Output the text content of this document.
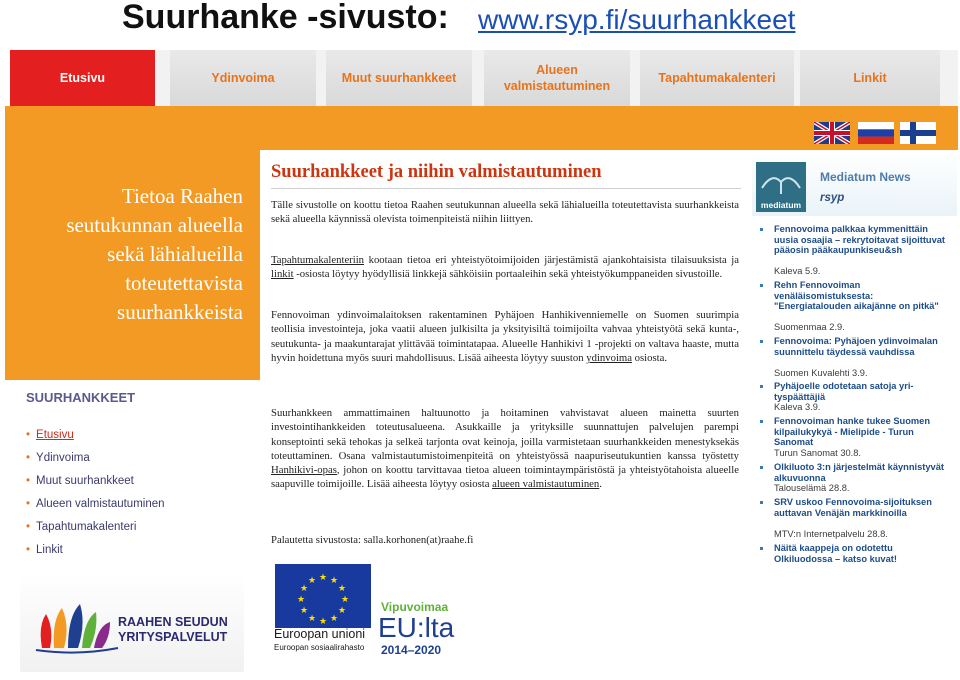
Suurhanke -sivusto: www.rsyp.fi/suurhankkeet
Etusivu	Ydinvoima	Muut suurhankkeet
Alueen valmistautuminen
Tapahtumakalenteri	Linkit
Tietoa Raahen seutukunnan alueella sekä lähialueilla toteutettavista suurhankkeista
SUURHANKKEET
• Etusivu
• Ydinvoima
• Muut suurhankkeet
• Alueen valmistautuminen
• Tapahtumakalenteri
• Linkit
Suurhankkeet ja niihin valmistautuminen
Tälle sivustolle on koottu tietoa Raahen seutukunnan alueella sekä lähialueilla toteutettavista suurhankkeista sekä alueella käynnissä olevista toimenpiteistä niihin liittyen.
Tapahtumakalenteriin kootaan tietoa eri yhteistyötoimijoiden järjestämistä ajankohtaisista tilaisuuksista ja linkit -osiosta löytyy hyödyllisiä linkkejä sähköisiin portaaleihin sekä yhteistyökumppaneiden sivustoille.
Fennovoiman ydinvoimalaitoksen rakentaminen Pyhäjoen Hanhikivenniemelle on Suomen suurimpia teollisia investointeja, joka vaatii alueen julkisilta ja yksityisiltä toimijoilta vahvaa yhteistyötä sekä kunta-, seutukunta- ja maakuntarajat ylittävää toimintatapaa. Alueelle Hanhikivi 1 -projekti on valtava haaste, mutta hyvin hoidettuna myös suuri mahdollisuus. Lisää aiheesta löytyy suuston ydinvoima osiosta.
Suurhankkeen ammattimainen haltuunotto ja hoitaminen vahvistavat alueen mainetta suurten investointihankkeiden toteutusalueena. Asukkaille ja yrityksille suunnattujen palvelujen parempi konseptointi sekä tehokas ja selkeä tarjonta ovat keinoja, joilla varmistetaan suurhankkeiden menestyksekäs toteuttaminen. Osana valmistautumistoimenpiteitä on yhteistyössä naapuriseutukuntien kanssa työstetty Hanhikivi-opas, johon on koottu tarvittavaa tietoa alueen toimintaympäristöstä ja yhteistyötahoista alueelle saapuville toimijoille. Lisää aiheesta löytyy osiosta alueen valmistautuminen.
Palautetta sivustosta: salla.korhonen(at)raahe.fi
mediatum
Mediatum News
rsyp
Fennovoima palkkaa kymmenittäin uusia osaajia – rekrytoitavat sijoittuvat pääosin pääkaupunkiseu&sh
Kaleva 5.9.
Rehn Fennovoiman venäläisomistuksesta: "Energiatalouden aikajänne on pitkä"
Suomenmaa 2.9.
Fennovoima: Pyhäjoen ydinvoimalan suunnittelu täydessä vauhdissa
Suomen Kuvalehti 3.9.
Pyhäjoelle odotetaan satoja yri-tyspäättäjiä
Kaleva 3.9.
Fennovoiman hanke tukee Suomen kilpailukykyä - Mielipide - Turun Sanomat
Turun Sanomat 30.8.
Olkiluoto 3:n järjestelmät käynnistyvät alkuvuonna
Talouselämä 28.8.
SRV uskoo Fennovoima-sijoituksen auttavan Venäjän markkinoilla
MTV:n Internetpalvelu 28.8.
Näitä kaappeja on odotettu Olkiluodossa – katso kuvat!
RAAHEN SEUDUN
YRITYSPALVELUT
★ ★
★
★
★
★
★
★
★
★
★
★
Euroopan unioni
Euroopan sosiaalirahasto
Vipuvoimaa
EU:lta
2014–2020
